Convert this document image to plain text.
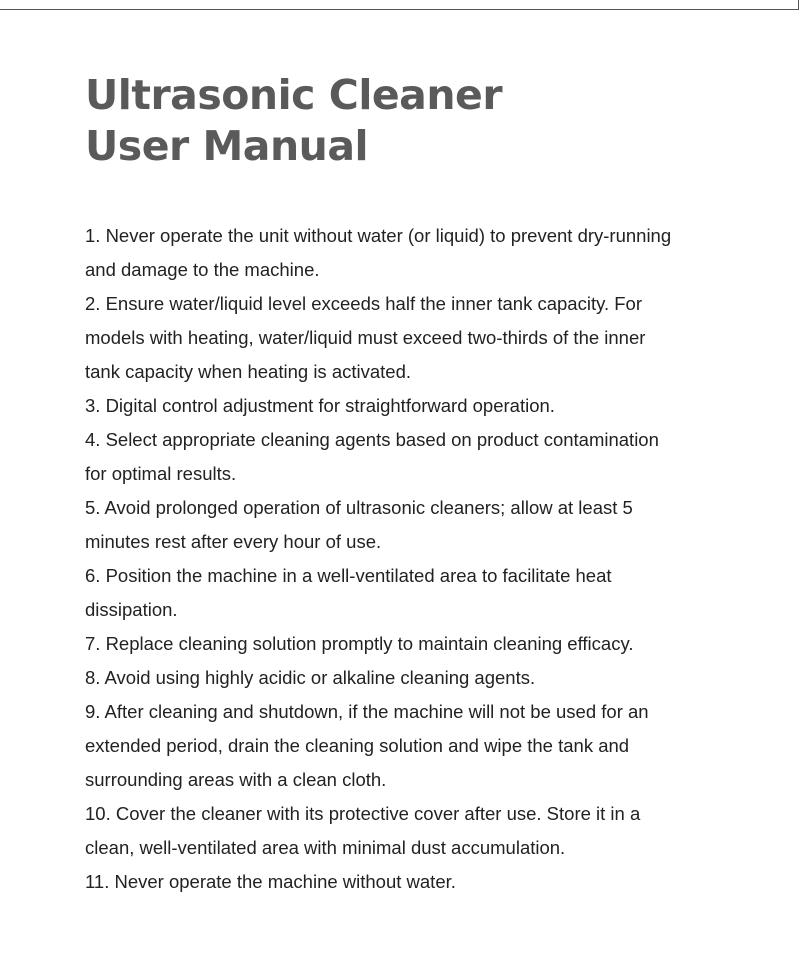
Ultrasonic Cleaner
User Manual
1. Never operate the unit without water (or liquid) to prevent dry-running
and damage to the machine.
2. Ensure water/liquid level exceeds half the inner tank capacity. For
models with heating, water/liquid must exceed two-thirds of the inner
tank capacity when heating is activated.
3. Digital control adjustment for straightforward operation.
4. Select appropriate cleaning agents based on product contamination
for optimal results.
5. Avoid prolonged operation of ultrasonic cleaners; allow at least 5
minutes rest after every hour of use.
6. Position the machine in a well-ventilated area to facilitate heat
dissipation.
7. Replace cleaning solution promptly to maintain cleaning efficacy.
8. Avoid using highly acidic or alkaline cleaning agents.
9. After cleaning and shutdown, if the machine will not be used for an
extended period, drain the cleaning solution and wipe the tank and
surrounding areas with a clean cloth.
10. Cover the cleaner with its protective cover after use. Store it in a
clean, well-ventilated area with minimal dust accumulation.
11. Never operate the machine without water.
